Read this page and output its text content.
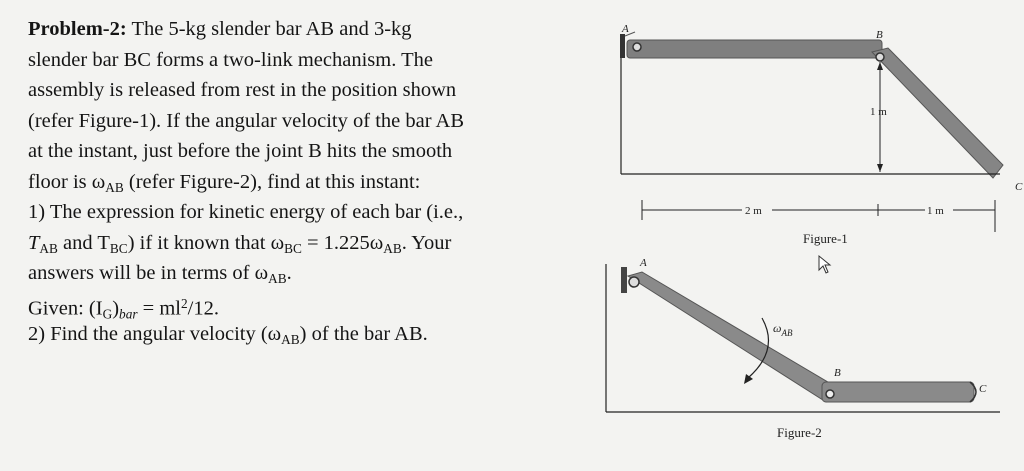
Problem-2: The 5-kg slender bar AB and 3-kg
slender bar BC forms a two-link mechanism. The
assembly is released from rest in the position shown
(refer Figure-1). If the angular velocity of the bar AB
at the instant, just before the joint B hits the smooth
floor is $\omega_{AB}$ (refer Figure-2), find at this instant:
1) The expression for kinetic energy of each bar (i.e.,
$T_{AB}$ and $T_{BC}$) if it known that $\omega_{BC} = 1.225\omega_{AB}$. Your
answers will be in terms of $\omega_{AB}$.
Given: $(I_G)_{bar} = ml^2/12$.
2) Find the angular velocity $(\omega_{AB})$ of the bar AB.
1 m
A	B
C
2 m	1 m
Figure-1
$\omega_{AB}$
A
B
C
Figure-2
